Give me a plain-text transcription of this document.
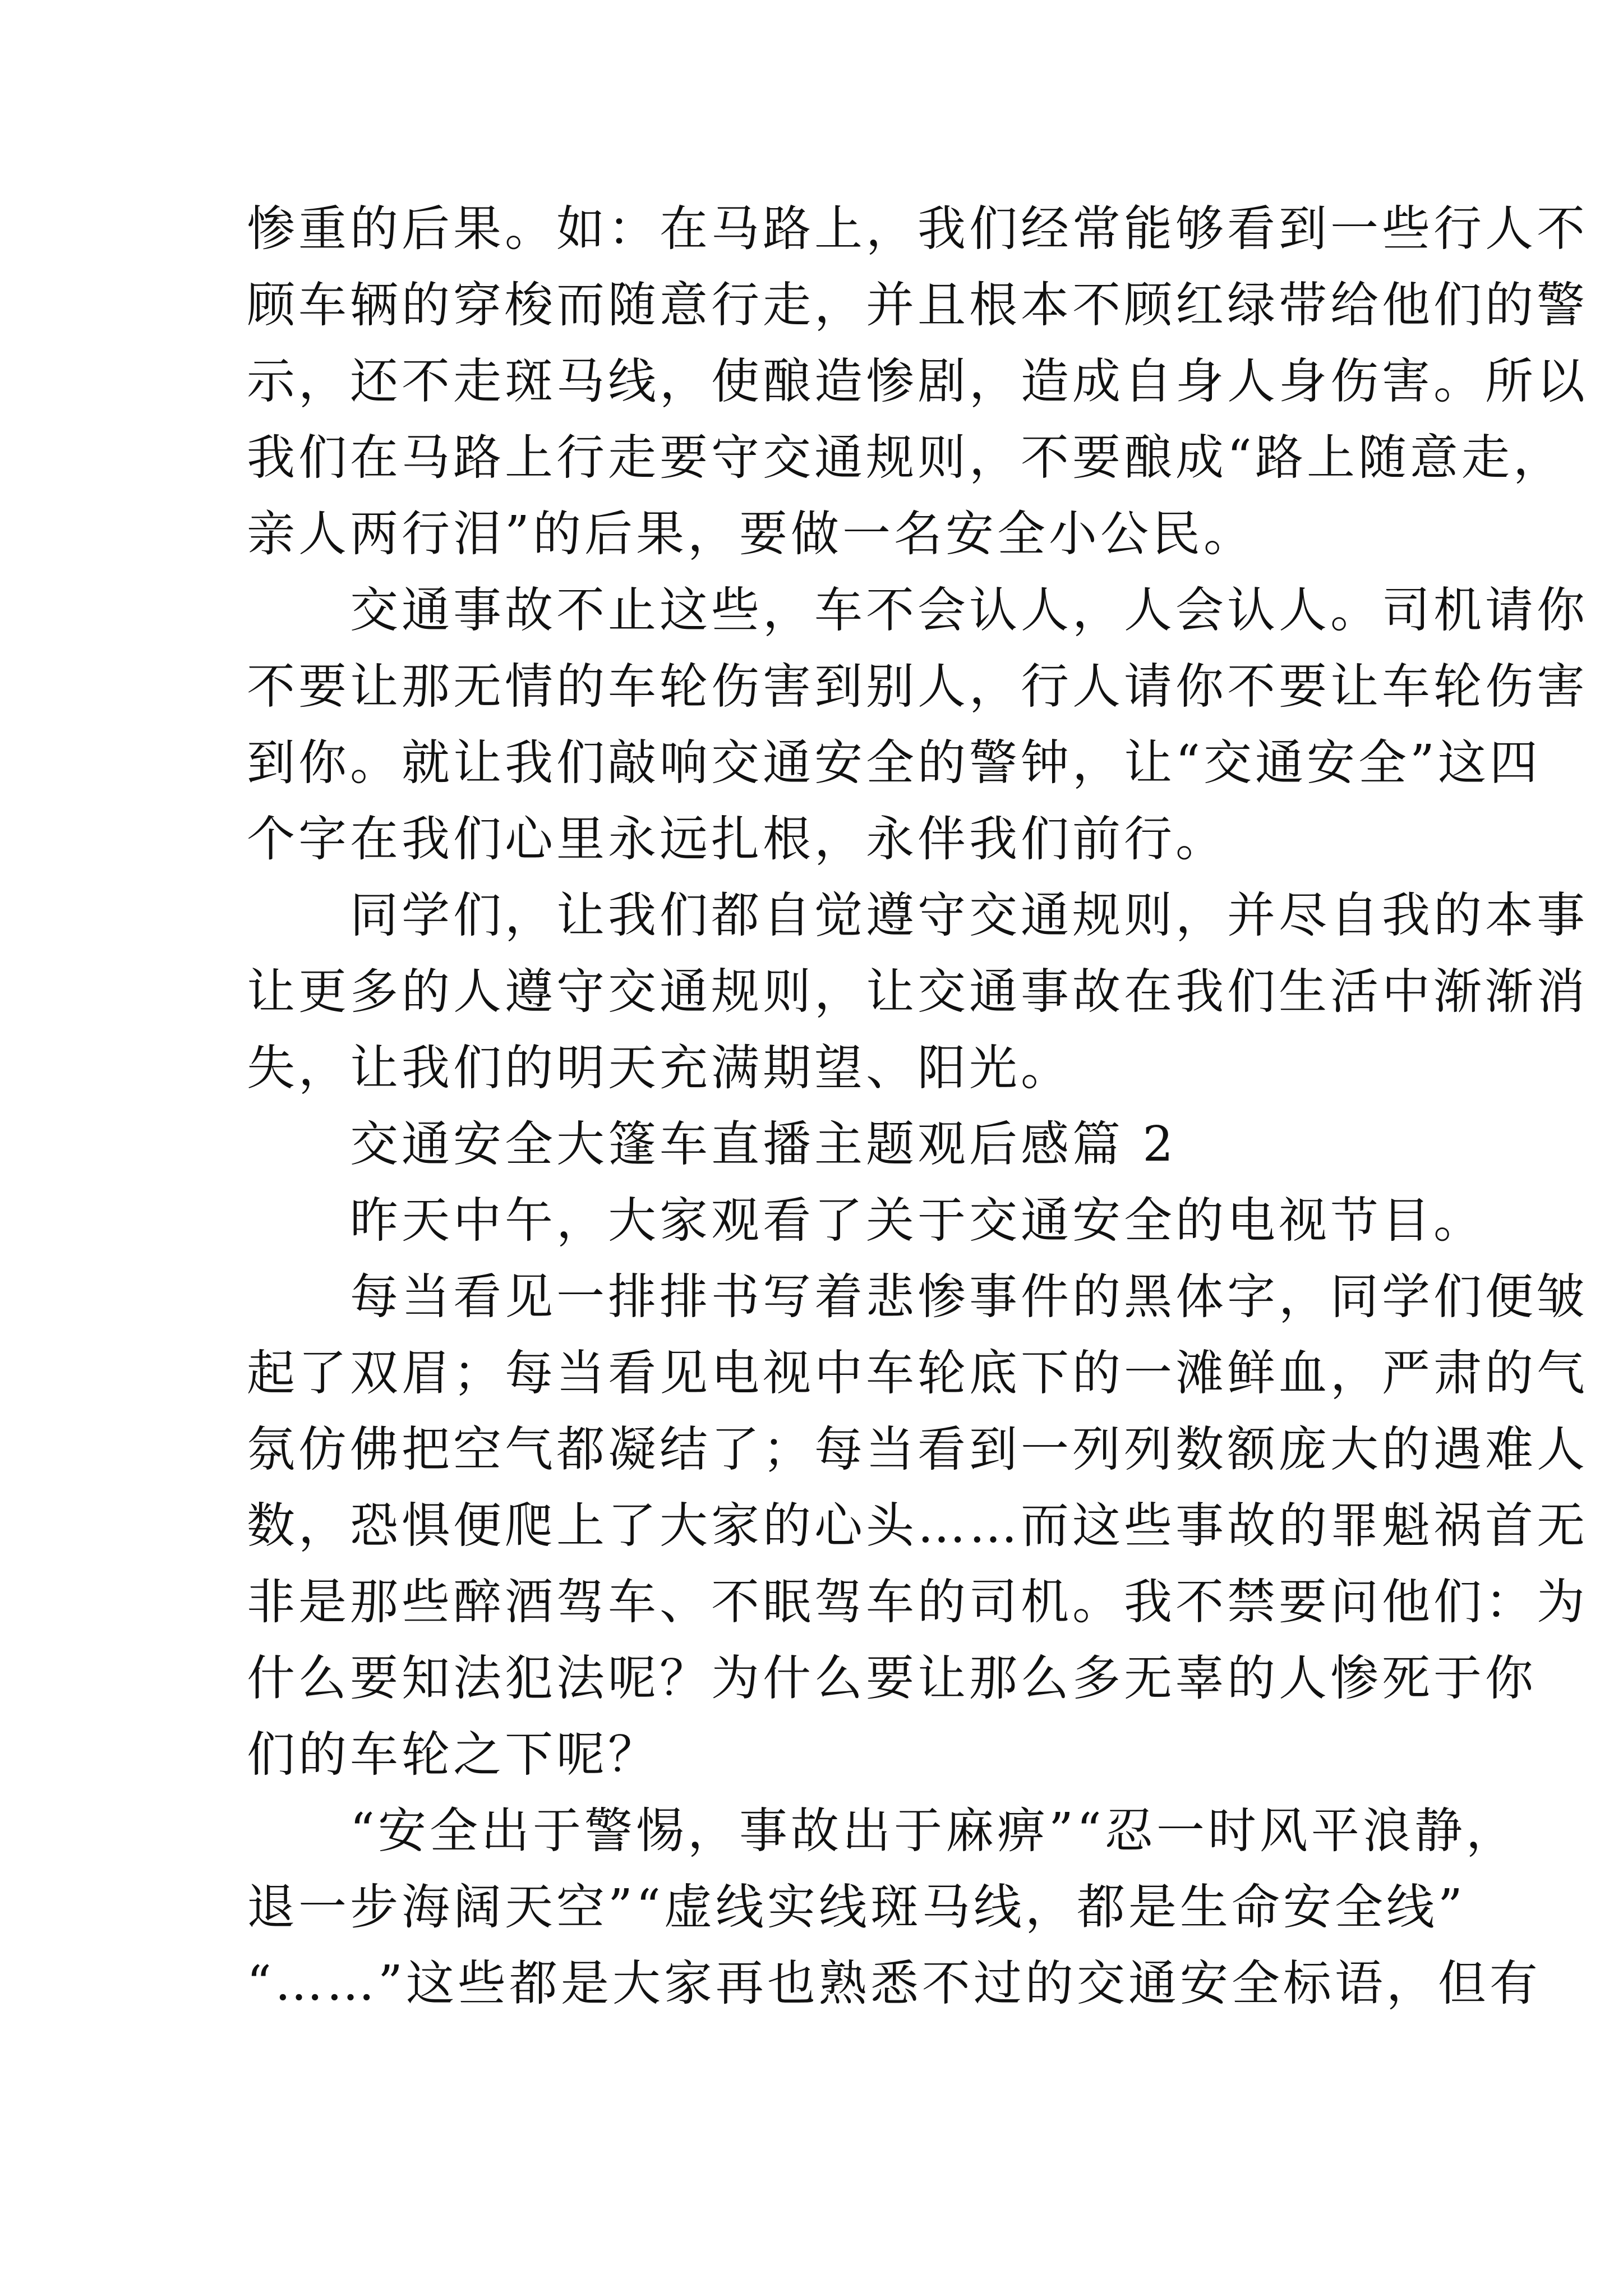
惨重的后果。如：在马路上，我们经常能够看到一些行人不
顾车辆的穿梭而随意行走，并且根本不顾红绿带给他们的警
示，还不走斑马线，使酿造惨剧，造成自身人身伤害。所以
我们在马路上行走要守交通规则，不要酿成“路上随意走，
亲人两行泪”的后果，要做一名安全小公民。
　　交通事故不止这些，车不会认人，人会认人。司机请你
不要让那无情的车轮伤害到别人，行人请你不要让车轮伤害
到你。就让我们敲响交通安全的警钟，让“交通安全”这四
个字在我们心里永远扎根，永伴我们前行。
　　同学们，让我们都自觉遵守交通规则，并尽自我的本事
让更多的人遵守交通规则，让交通事故在我们生活中渐渐消
失，让我们的明天充满期望、阳光。
　　交通安全大篷车直播主题观后感篇 2
　　昨天中午，大家观看了关于交通安全的电视节目。
　　每当看见一排排书写着悲惨事件的黑体字，同学们便皱
起了双眉；每当看见电视中车轮底下的一滩鲜血，严肃的气
氛仿佛把空气都凝结了；每当看到一列列数额庞大的遇难人
数，恐惧便爬上了大家的心头……而这些事故的罪魁祸首无
非是那些醉酒驾车、不眠驾车的司机。我不禁要问他们：为
什么要知法犯法呢？为什么要让那么多无辜的人惨死于你
们的车轮之下呢？
　　“安全出于警惕，事故出于麻痹”“忍一时风平浪静，
退一步海阔天空”“虚线实线斑马线，都是生命安全线”
“……”这些都是大家再也熟悉不过的交通安全标语，但有
